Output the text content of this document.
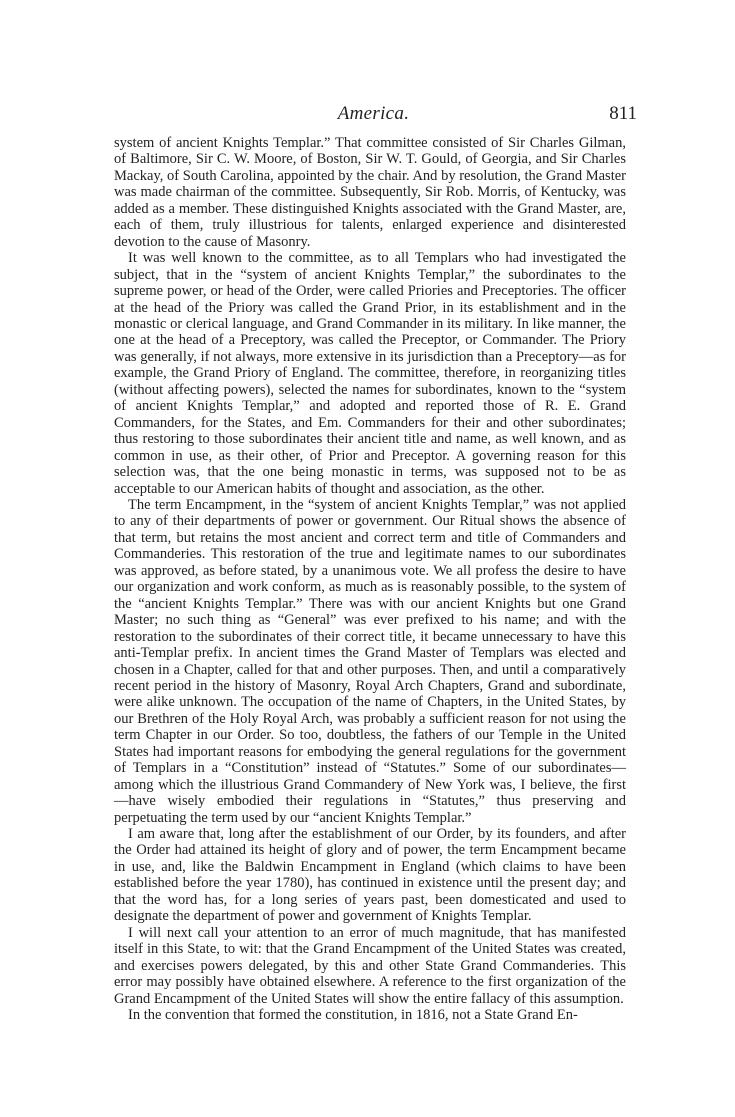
America.	811

system of ancient Knights Templar.” That committee consisted of Sir Charles Gilman, of Baltimore, Sir C. W. Moore, of Boston, Sir W. T. Gould, of Georgia, and Sir Charles Mackay, of South Carolina, appointed by the chair. And by resolution, the Grand Master was made chairman of the committee. Subsequently, Sir Rob. Morris, of Kentucky, was added as a member. These distinguished Knights associated with the Grand Master, are, each of them, truly illustrious for talents, enlarged experience and disinterested devotion to the cause of Masonry.

It was well known to the committee, as to all Templars who had investigated the subject, that in the “system of ancient Knights Templar,” the subordinates to the supreme power, or head of the Order, were called Priories and Preceptories. The officer at the head of the Priory was called the Grand Prior, in its establishment and in the monastic or clerical language, and Grand Commander in its military. In like manner, the one at the head of a Preceptory, was called the Preceptor, or Commander. The Priory was generally, if not always, more extensive in its jurisdiction than a Preceptory—as for example, the Grand Priory of England. The committee, therefore, in reorganizing titles (without affecting powers), selected the names for subordinates, known to the “system of ancient Knights Templar,” and adopted and reported those of R. E. Grand Commanders, for the States, and Em. Commanders for their and other subordinates; thus restoring to those subordinates their ancient title and name, as well known, and as common in use, as their other, of Prior and Preceptor. A governing reason for this selection was, that the one being monastic in terms, was supposed not to be as acceptable to our American habits of thought and association, as the other.

The term Encampment, in the “system of ancient Knights Templar,” was not applied to any of their departments of power or government. Our Ritual shows the absence of that term, but retains the most ancient and correct term and title of Commanders and Commanderies. This restoration of the true and legitimate names to our subordinates was approved, as before stated, by a unanimous vote. We all profess the desire to have our organization and work conform, as much as is reasonably possible, to the system of the “ancient Knights Templar.” There was with our ancient Knights but one Grand Master; no such thing as “General” was ever prefixed to his name; and with the restoration to the subordinates of their correct title, it became unnecessary to have this anti-Templar prefix. In ancient times the Grand Master of Templars was elected and chosen in a Chapter, called for that and other purposes. Then, and until a comparatively recent period in the history of Masonry, Royal Arch Chapters, Grand and subordinate, were alike unknown. The occupation of the name of Chapters, in the United States, by our Brethren of the Holy Royal Arch, was probably a sufficient reason for not using the term Chapter in our Order. So too, doubtless, the fathers of our Temple in the United States had important reasons for embodying the general regulations for the government of Templars in a “Constitution” instead of “Statutes.” Some of our subordinates—among which the illustrious Grand Commandery of New York was, I believe, the first—have wisely embodied their regulations in “Statutes,” thus preserving and perpetuating the term used by our “ancient Knights Templar.”

I am aware that, long after the establishment of our Order, by its founders, and after the Order had attained its height of glory and of power, the term Encampment became in use, and, like the Baldwin Encampment in England (which claims to have been established before the year 1780), has continued in existence until the present day; and that the word has, for a long series of years past, been domesticated and used to designate the department of power and government of Knights Templar.

I will next call your attention to an error of much magnitude, that has manifested itself in this State, to wit: that the Grand Encampment of the United States was created, and exercises powers delegated, by this and other State Grand Commanderies. This error may possibly have obtained elsewhere. A reference to the first organization of the Grand Encampment of the United States will show the entire fallacy of this assumption.

In the convention that formed the constitution, in 1816, not a State Grand En-
